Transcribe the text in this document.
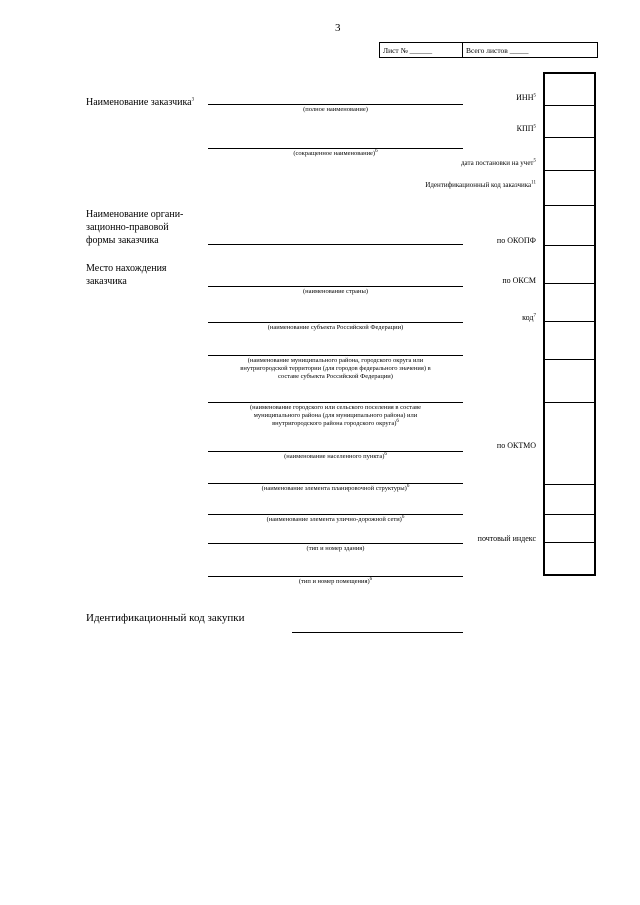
3
Лист № ______	Всего листов _____
Наименование заказчика$^3$
(полное наименование)
(сокращенное наименование)$^6$
ИНН$^5$
КПП$^5$
дата постановки на учет$^5$
Идентификационный код заказчика$^{11}$
Наименование органи-
зационно-правовой
формы заказчика	по ОКОПФ
Место нахождения
заказчика	по ОКСМ
(наименование страны)
код$^7$
(наименование субъекта Российской Федерации)
(наименование муниципального района, городского округа или
внутригородской территории (для городов федерального значения) в
составе субъекта Российской Федерации)
(наименование городского или сельского поселения в составе
муниципального района (для муниципального района) или
внутригородского района городского округа)$^6$
по ОКТМО
(наименование населенного пункта)$^6$
(наименование элемента планировочной структуры)$^6$
(наименование элемента улично-дорожной сети)$^6$
почтовый индекс
(тип и номер здания)
(тип и номер помещения)$^6$
Идентификационный код закупки
